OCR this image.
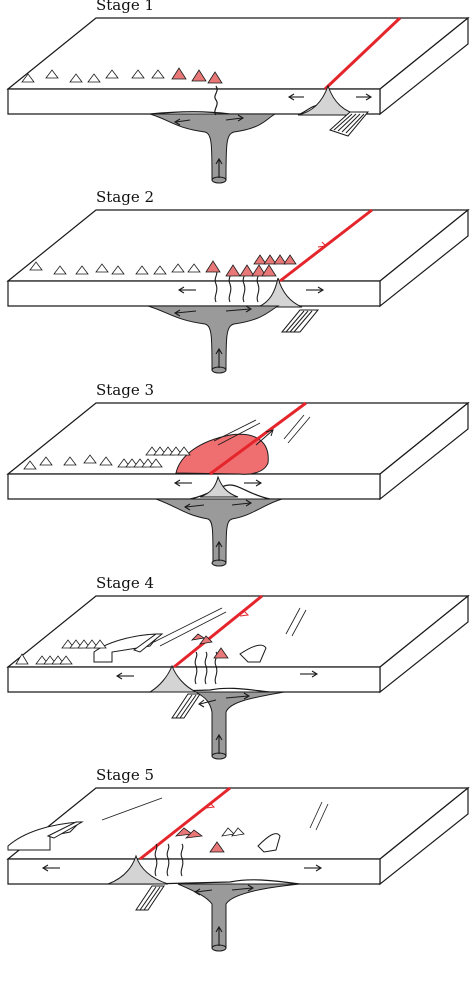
Stage 1
Stage 2
Stage 3
Stage 4
Stage 5
